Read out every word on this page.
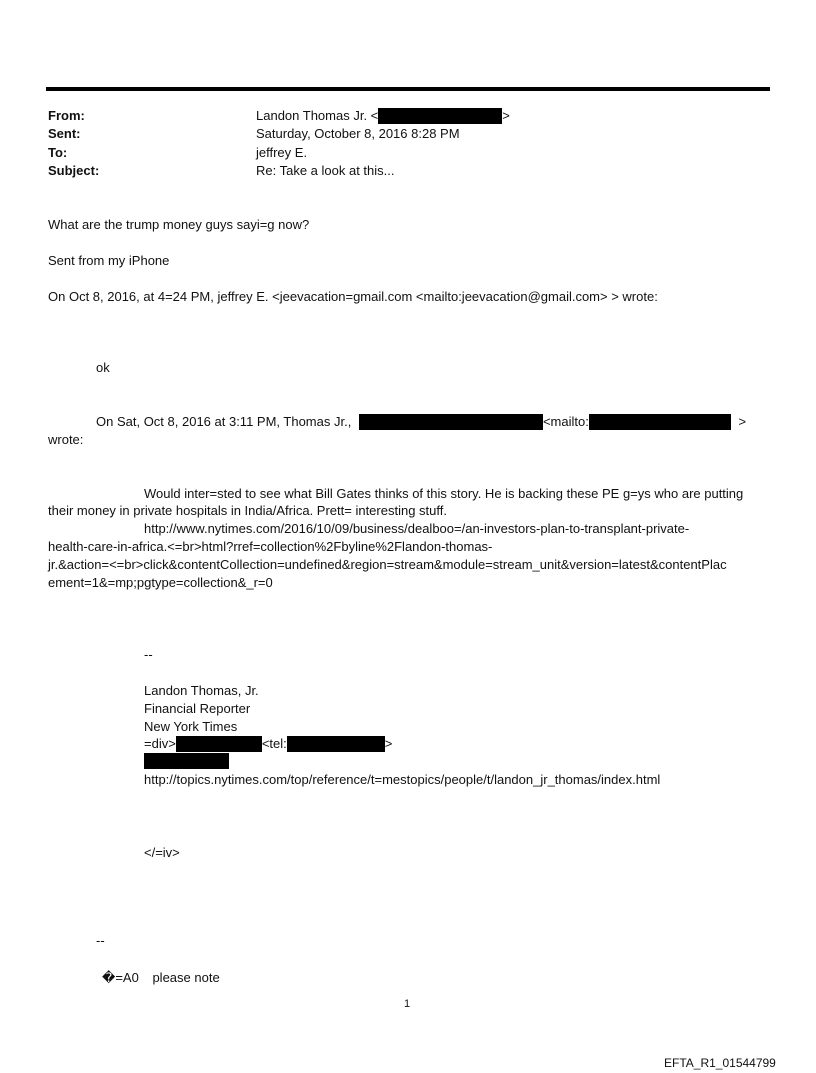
From:	Landon Thomas Jr. <	>
Sent:	Saturday, October 8, 2016 8:28 PM
To:	jeffrey E.
Subject:	Re: Take a look at this...
What are the trump money guys sayi=g now?
Sent from my iPhone
On Oct 8, 2016, at 4=24 PM, jeffrey E. <jeevacation=gmail.com <mailto:jeevacation@gmail.com> > wrote:
ok
On Sat, Oct 8, 2016 at 3:11 PM, Thomas Jr.,	<mailto:	>
wrote:
Would inter=sted to see what Bill Gates thinks of this story. He is backing these PE g=ys who are putting
their money in private hospitals in India/Africa. Prett= interesting stuff.
http://www.nytimes.com/2016/10/09/business/dealboo=/an-investors-plan-to-transplant-private-
health-care-in-africa.<=br>html?rref=collection%2Fbyline%2Flandon-thomas-
jr.&action=<=br>click&contentCollection=undefined&region=stream&module=stream_unit&version=latest&contentPlac
ement=1&=mp;pgtype=collection&_r=0
--
Landon Thomas, Jr.
Financial Reporter
New York Times
=div>	<tel:	>
http://topics.nytimes.com/top/reference/t=mestopics/people/t/landon_jr_thomas/index.html
</=iv>
--
�=A0 please note
1
EFTA_R1_01544799
